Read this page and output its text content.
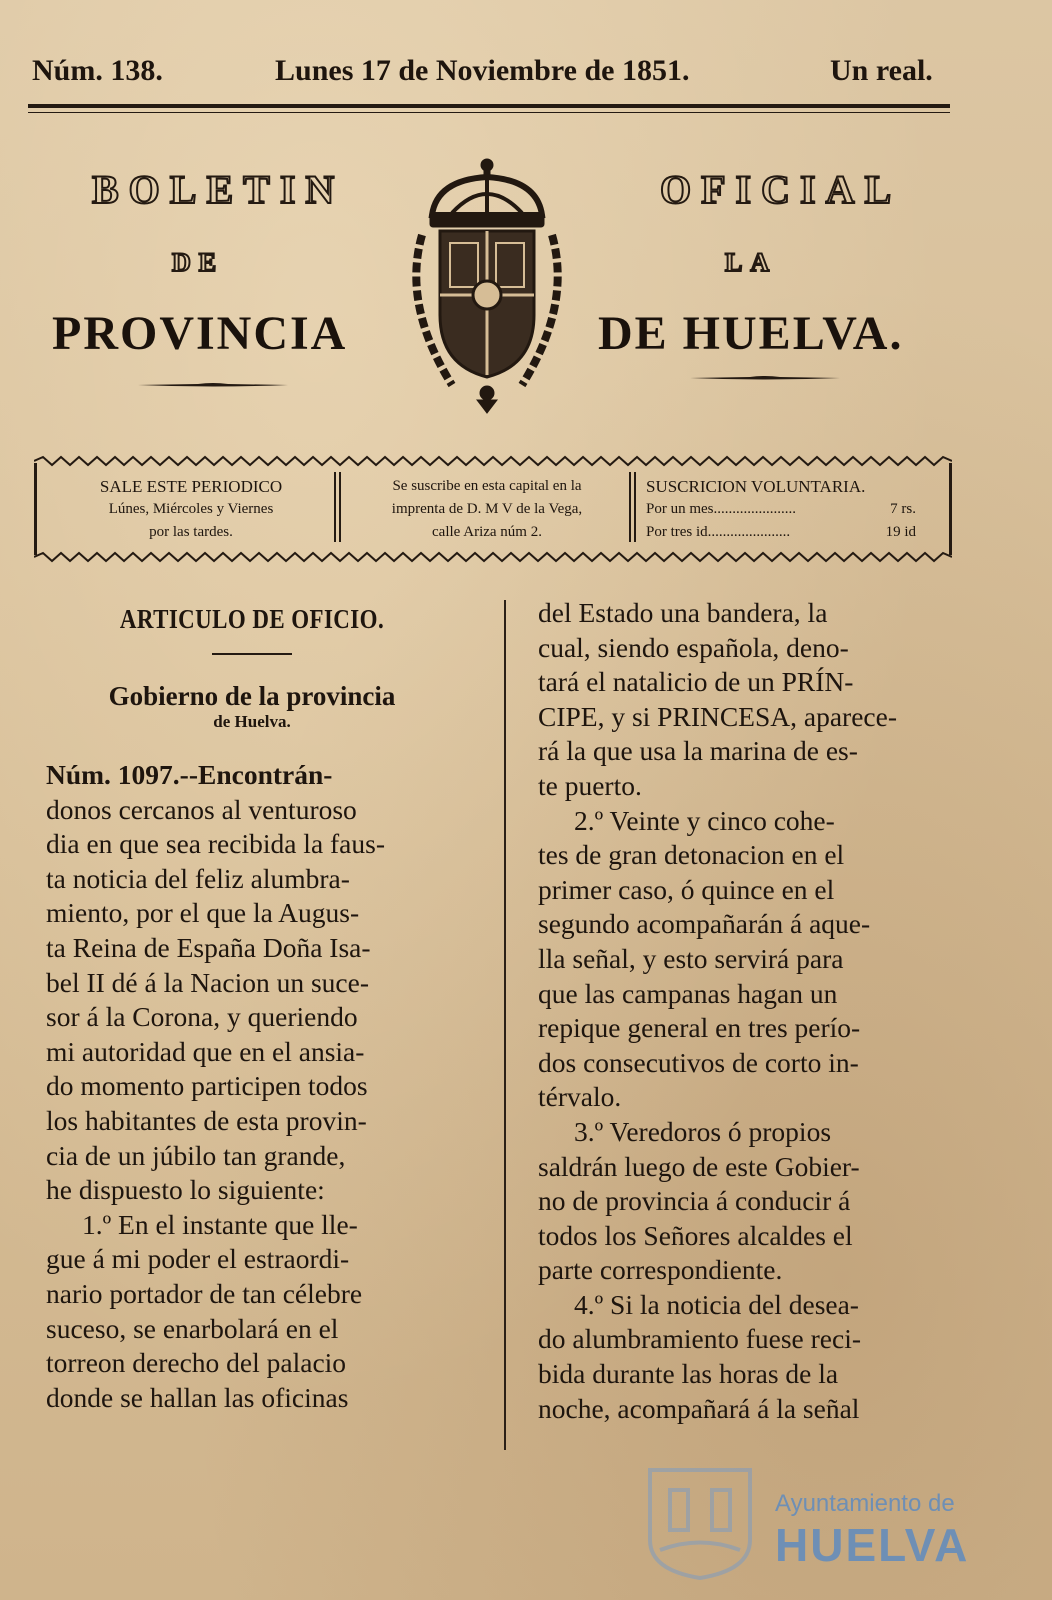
Núm. 138.	Lunes 17 de Noviembre de 1851.	Un real.
BOLETIN	OFICIAL
DE	LA
PROVINCIA	DE HUELVA.
SALE ESTE PERIODICO
Lúnes, Miércoles y Viernes
por las tardes.
Se suscribe en esta capital en la
imprenta de D. M V de la Vega,
calle Ariza núm 2.
SUSCRICION VOLUNTARIA.
Por un mes......................	7 rs.
Por tres id......................	19 id
ARTICULO DE OFICIO.
Gobierno de la provincia
de Huelva.

Núm. 1097.--Encontrán-

donos cercanos al venturoso

dia en que sea recibida la faus-

ta noticia del feliz alumbra-

miento, por el que la Augus-

ta Reina de España Doña Isa-

bel II dé á la Nacion un suce-

sor á la Corona, y queriendo

mi autoridad que en el ansia-

do momento participen todos

los habitantes de esta provin-

cia de un júbilo tan grande,

he dispuesto lo siguiente:

1.º En el instante que lle-

gue á mi poder el estraordi-

nario portador de tan célebre

suceso, se enarbolará en el

torreon derecho del palacio

donde se hallan las oficinas

del Estado una bandera, la

cual, siendo española, deno-

tará el natalicio de un PRÍN-

CIPE, y si PRINCESA, aparece-

rá la que usa la marina de es-

te puerto.

2.º Veinte y cinco cohe-

tes de gran detonacion en el

primer caso, ó quince en el

segundo acompañarán á aque-

lla señal, y esto servirá para

que las campanas hagan un

repique general en tres perío-

dos consecutivos de corto in-

térvalo.

3.º Veredoros ó propios

saldrán luego de este Gobier-

no de provincia á conducir á

todos los Señores alcaldes el

parte correspondiente.

4.º Si la noticia del desea-

do alumbramiento fuese reci-

bida durante las horas de la

noche, acompañará á la señal

Ayuntamiento de
HUELVA
